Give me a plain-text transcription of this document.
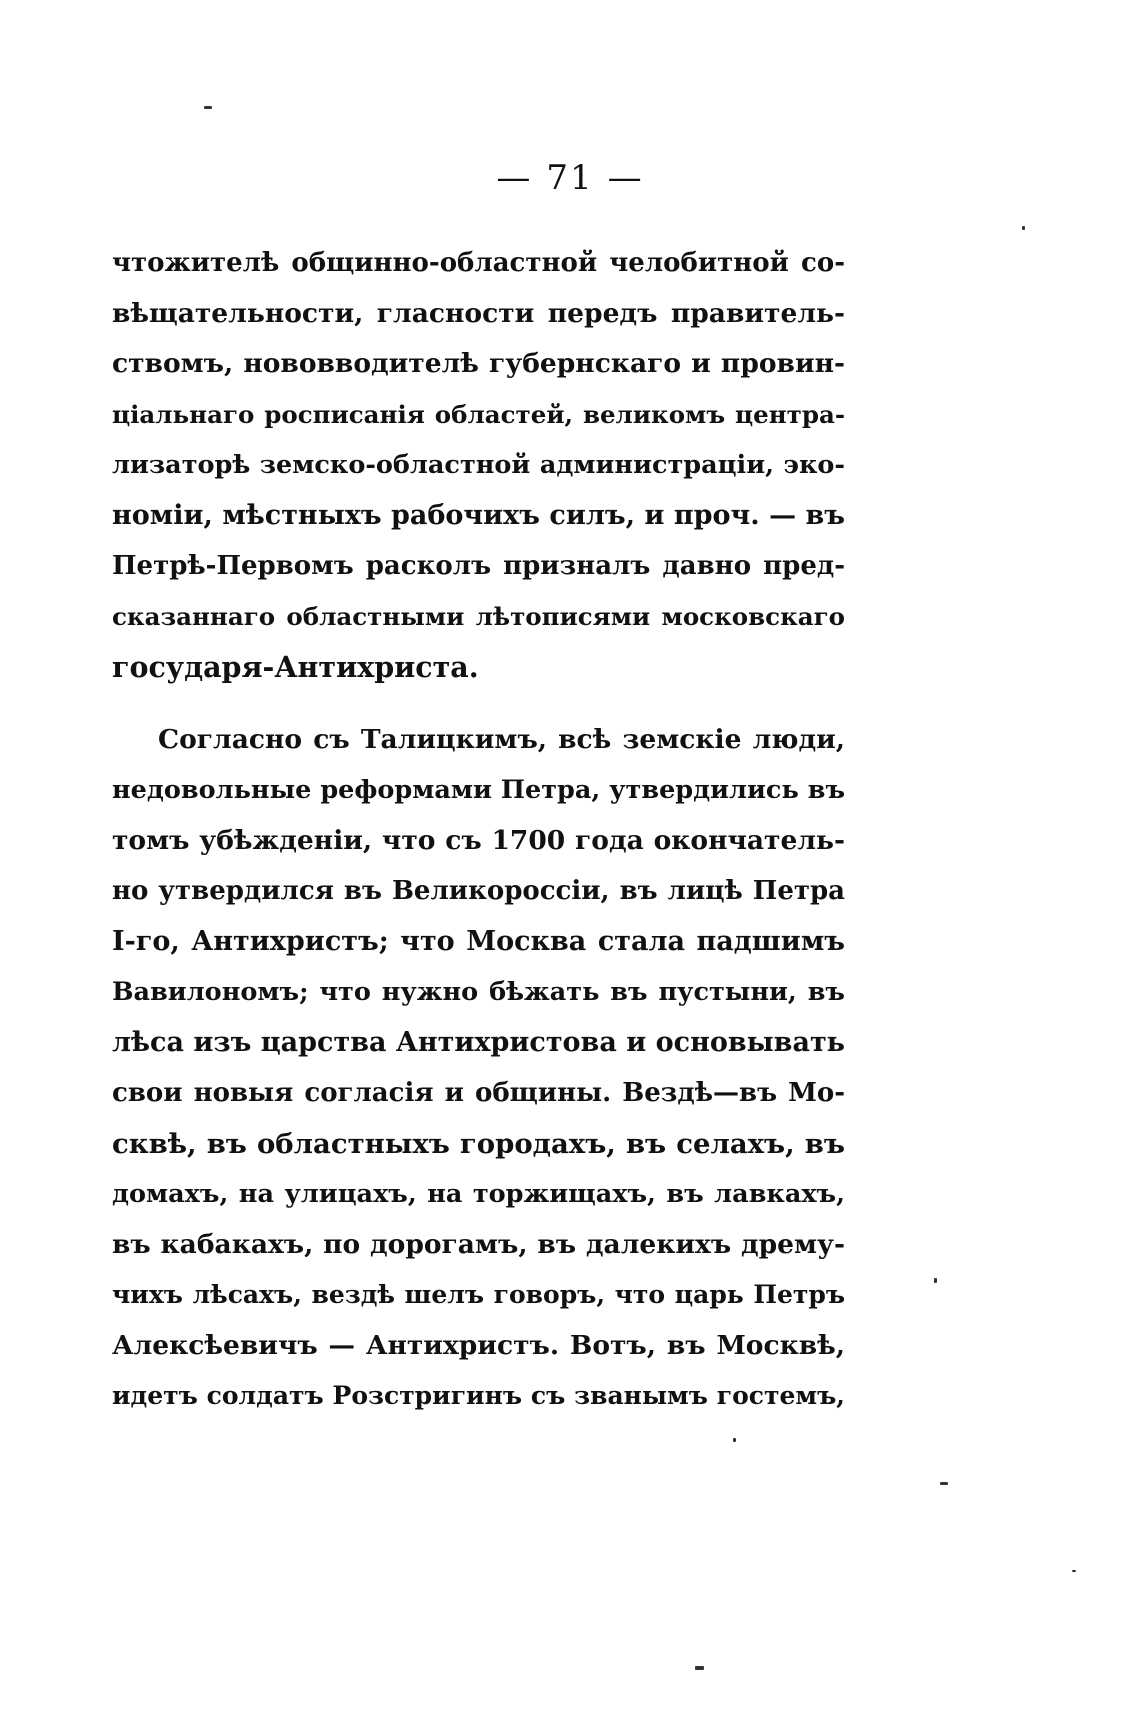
— 71 —
чтожителѣ общинно-областной челобитной со-
вѣщательности, гласности передъ правитель-
ствомъ, нововводителѣ губернскаго и провин-
ціальнаго росписанія областей, великомъ центра-
лизаторѣ земско-областной администраціи, эко-
номіи, мѣстныхъ рабочихъ силъ, и проч. — въ
Петрѣ-Первомъ расколъ призналъ давно пред-
сказаннаго областными лѣтописями московскаго
государя-Антихриста.
Согласно съ Талицкимъ, всѣ земскіе люди,
недовольные реформами Петра, утвердились въ
томъ убѣжденіи, что съ 1700 года окончатель-
но утвердился въ Великороссіи, въ лицѣ Петра
І-го, Антихристъ; что Москва стала падшимъ
Вавилономъ; что нужно бѣжать въ пустыни, въ
лѣса изъ царства Антихристова и основывать
свои новыя согласія и общины. Вездѣ—въ Мо-
сквѣ, въ областныхъ городахъ, въ селахъ, въ
домахъ, на улицахъ, на торжищахъ, въ лавкахъ,
въ кабакахъ, по дорогамъ, въ далекихъ дрему-
чихъ лѣсахъ, вездѣ шелъ говоръ, что царь Петръ
Алексѣевичъ — Антихристъ. Вотъ, въ Москвѣ,
идетъ солдатъ Розстригинъ съ званымъ гостемъ,
